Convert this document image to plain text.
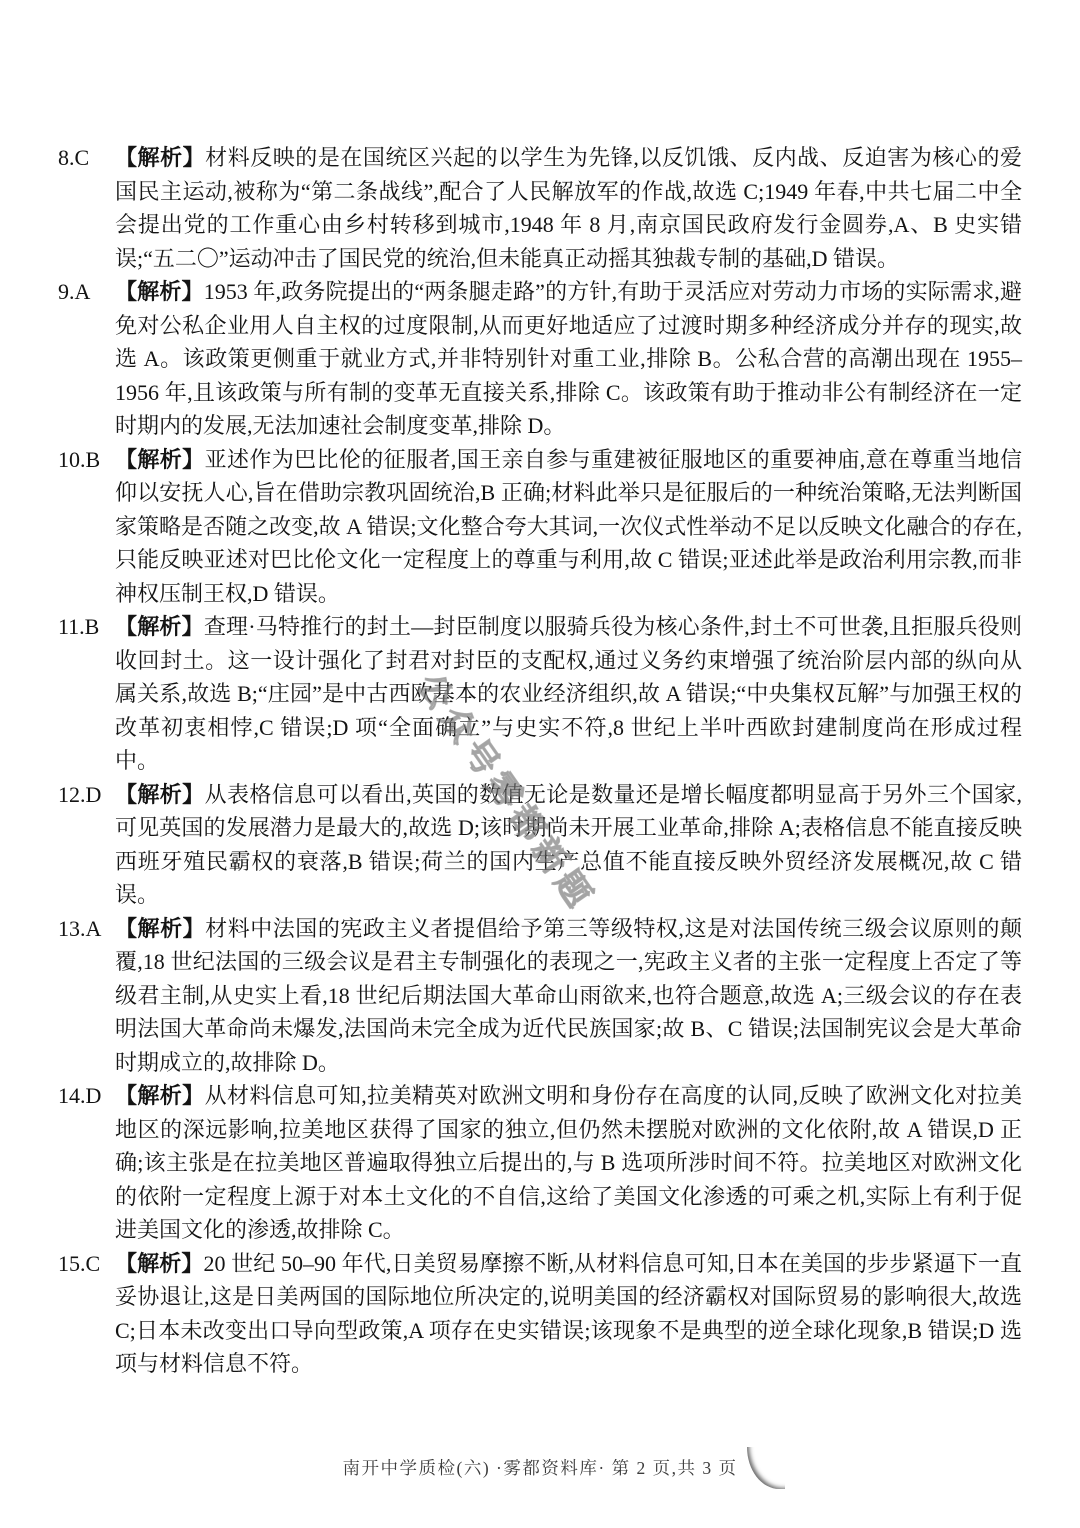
8.C 【解析】材料反映的是在国统区兴起的以学生为先锋,以反饥饿、反内战、反迫害为核心的爱国民主运动,被称为“第二条战线”,配合了人民解放军的作战,故选 C;1949 年春,中共七届二中全会提出党的工作重心由乡村转移到城市,1948 年 8 月,南京国民政府发行金圆券,A、B 史实错误;“五二〇”运动冲击了国民党的统治,但未能真正动摇其独裁专制的基础,D 错误。

9.A 【解析】1953 年,政务院提出的“两条腿走路”的方针,有助于灵活应对劳动力市场的实际需求,避免对公私企业用人自主权的过度限制,从而更好地适应了过渡时期多种经济成分并存的现实,故选 A。该政策更侧重于就业方式,并非特别针对重工业,排除 B。公私合营的高潮出现在 1955–1956 年,且该政策与所有制的变革无直接关系,排除 C。该政策有助于推动非公有制经济在一定时期内的发展,无法加速社会制度变革,排除 D。

10.B 【解析】亚述作为巴比伦的征服者,国王亲自参与重建被征服地区的重要神庙,意在尊重当地信仰以安抚人心,旨在借助宗教巩固统治,B 正确;材料此举只是征服后的一种统治策略,无法判断国家策略是否随之改变,故 A 错误;文化整合夸大其词,一次仪式性举动不足以反映文化融合的存在,只能反映亚述对巴比伦文化一定程度上的尊重与利用,故 C 错误;亚述此举是政治利用宗教,而非神权压制王权,D 错误。

11.B 【解析】查理·马特推行的封土—封臣制度以服骑兵役为核心条件,封土不可世袭,且拒服兵役则收回封土。这一设计强化了封君对封臣的支配权,通过义务约束增强了统治阶层内部的纵向从属关系,故选 B;“庄园”是中古西欧基本的农业经济组织,故 A 错误;“中央集权瓦解”与加强王权的改革初衷相悖,C 错误;D 项“全面确立”与史实不符,8 世纪上半叶西欧封建制度尚在形成过程中。

12.D 【解析】从表格信息可以看出,英国的数值无论是数量还是增长幅度都明显高于另外三个国家,可见英国的发展潜力是最大的,故选 D;该时期尚未开展工业革命,排除 A;表格信息不能直接反映西班牙殖民霸权的衰落,B 错误;荷兰的国内生产总值不能直接反映外贸经济发展概况,故 C 错误。

13.A 【解析】材料中法国的宪政主义者提倡给予第三等级特权,这是对法国传统三级会议原则的颠覆,18 世纪法国的三级会议是君主专制强化的表现之一,宪政主义者的主张一定程度上否定了等级君主制,从史实上看,18 世纪后期法国大革命山雨欲来,也符合题意,故选 A;三级会议的存在表明法国大革命尚未爆发,法国尚未完全成为近代民族国家;故 B、C 错误;法国制宪议会是大革命时期成立的,故排除 D。

14.D 【解析】从材料信息可知,拉美精英对欧洲文明和身份存在高度的认同,反映了欧洲文化对拉美地区的深远影响,拉美地区获得了国家的独立,但仍然未摆脱对欧洲的文化依附,故 A 错误,D 正确;该主张是在拉美地区普遍取得独立后提出的,与 B 选项所涉时间不符。拉美地区对欧洲文化的依附一定程度上源于对本土文化的不自信,这给了美国文化渗透的可乘之机,实际上有利于促进美国文化的渗透,故排除 C。

15.C 【解析】20 世纪 50–90 年代,日美贸易摩擦不断,从材料信息可知,日本在美国的步步紧逼下一直妥协退让,这是日美两国的国际地位所决定的,说明美国的经济霸权对国际贸易的影响很大,故选 C;日本未改变出口导向型政策,A 项存在史实错误;该现象不是典型的逆全球化现象,B 错误;D 选项与材料信息不符。

公众号雾都新题
南开中学质检(六) ·雾都资料库· 第 2 页,共 3 页
